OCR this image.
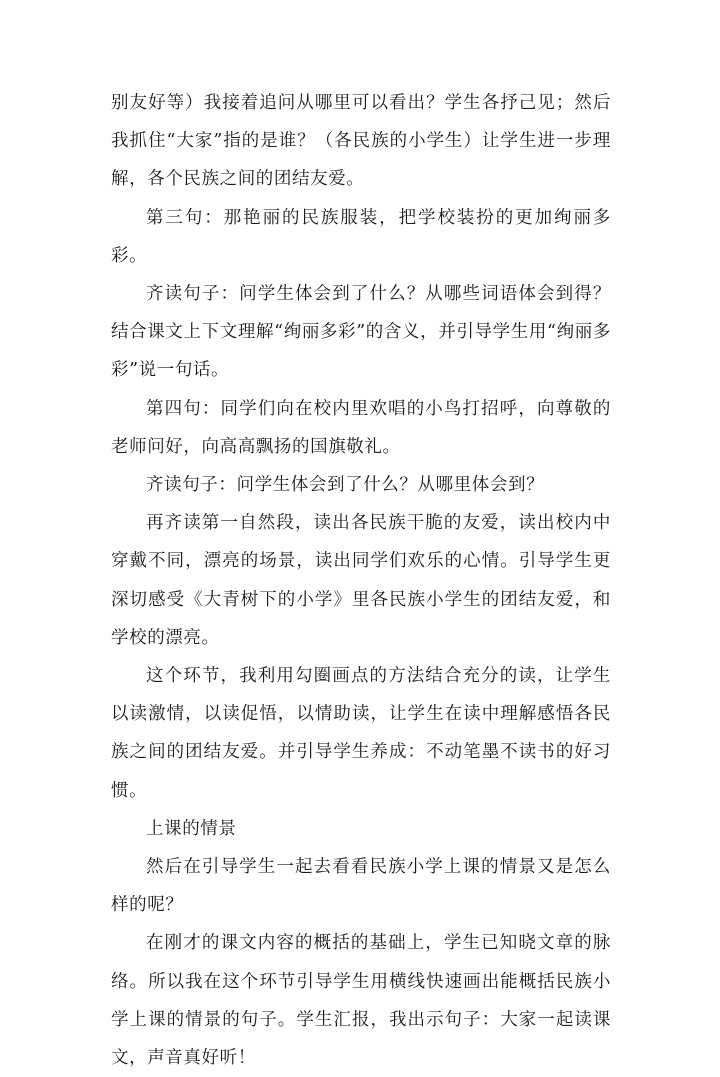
别友好等）我接着追问从哪里可以看出？学生各抒己见；然后我抓住“大家”指的是谁？（各民族的小学生）让学生进一步理解，各个民族之间的团结友爱。

第三句：那艳丽的民族服装，把学校装扮的更加绚丽多彩。

齐读句子：问学生体会到了什么？从哪些词语体会到得？结合课文上下文理解“绚丽多彩”的含义，并引导学生用“绚丽多彩”说一句话。

第四句：同学们向在校内里欢唱的小鸟打招呼，向尊敬的老师问好，向高高飘扬的国旗敬礼。

齐读句子：问学生体会到了什么？从哪里体会到？

再齐读第一自然段，读出各民族干脆的友爱，读出校内中穿戴不同，漂亮的场景，读出同学们欢乐的心情。引导学生更深切感受《大青树下的小学》里各民族小学生的团结友爱，和学校的漂亮。

这个环节，我利用勾圈画点的方法结合充分的读，让学生以读激情，以读促悟，以情助读，让学生在读中理解感悟各民族之间的团结友爱。并引导学生养成：不动笔墨不读书的好习惯。

上课的情景

然后在引导学生一起去看看民族小学上课的情景又是怎么样的呢？

在刚才的课文内容的概括的基础上，学生已知晓文章的脉络。所以我在这个环节引导学生用横线快速画出能概括民族小学上课的情景的句子。学生汇报，我出示句子：大家一起读课文，声音真好听！
